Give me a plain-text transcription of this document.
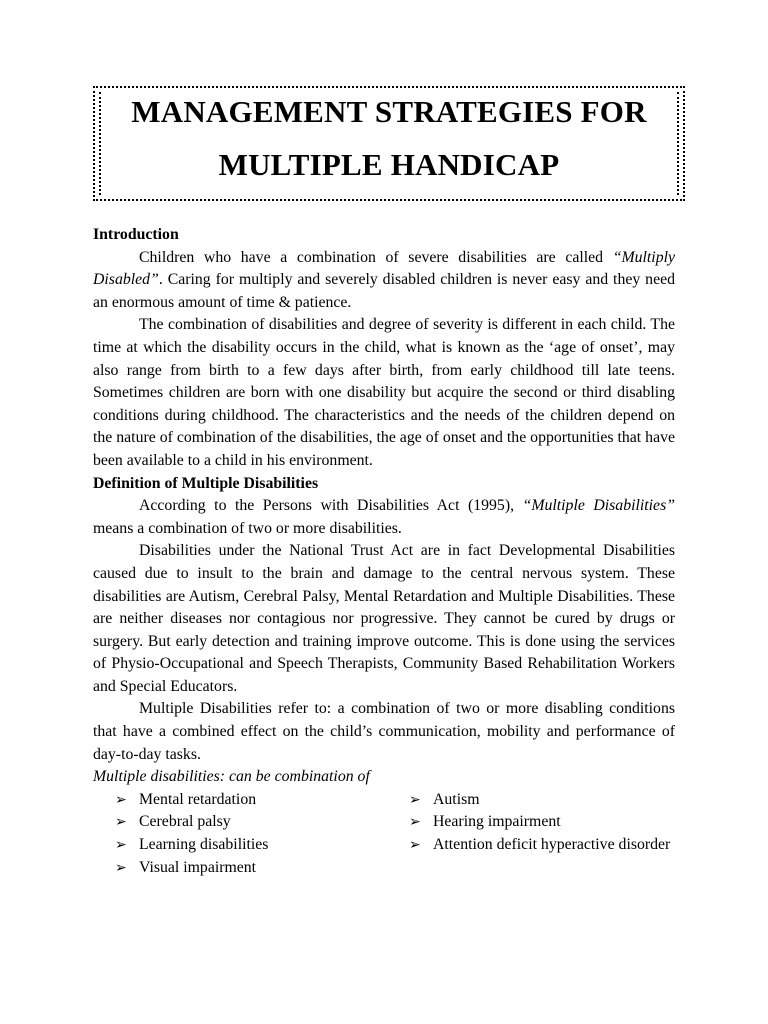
MANAGEMENT STRATEGIES FOR
MULTIPLE HANDICAP

Introduction

Children who have a combination of severe disabilities are called “Multiply Disabled”. Caring for multiply and severely disabled children is never easy and they need an enormous amount of time & patience.

The combination of disabilities and degree of severity is different in each child. The time at which the disability occurs in the child, what is known as the ‘age of onset’, may also range from birth to a few days after birth, from early childhood till late teens. Sometimes children are born with one disability but acquire the second or third disabling conditions during childhood. The characteristics and the needs of the children depend on the nature of combination of the disabilities, the age of onset and the opportunities that have been available to a child in his environment.

Definition of Multiple Disabilities

According to the Persons with Disabilities Act (1995), “Multiple Disabilities” means a combination of two or more disabilities.

Disabilities under the National Trust Act are in fact Developmental Disabilities caused due to insult to the brain and damage to the central nervous system. These disabilities are Autism, Cerebral Palsy, Mental Retardation and Multiple Disabilities. These are neither diseases nor contagious nor progressive. They cannot be cured by drugs or surgery. But early detection and training improve outcome. This is done using the services of Physio-Occupational and Speech Therapists, Community Based Rehabilitation Workers and Special Educators.

Multiple Disabilities refer to: a combination of two or more disabling conditions that have a combined effect on the child’s communication, mobility and performance of day-to-day tasks.

Multiple disabilities: can be combination of

➢ Mental retardation
➢ Cerebral palsy
➢ Learning disabilities
➢ Visual impairment
➢ Autism
➢ Hearing impairment
➢ Attention deficit hyperactive disorder
